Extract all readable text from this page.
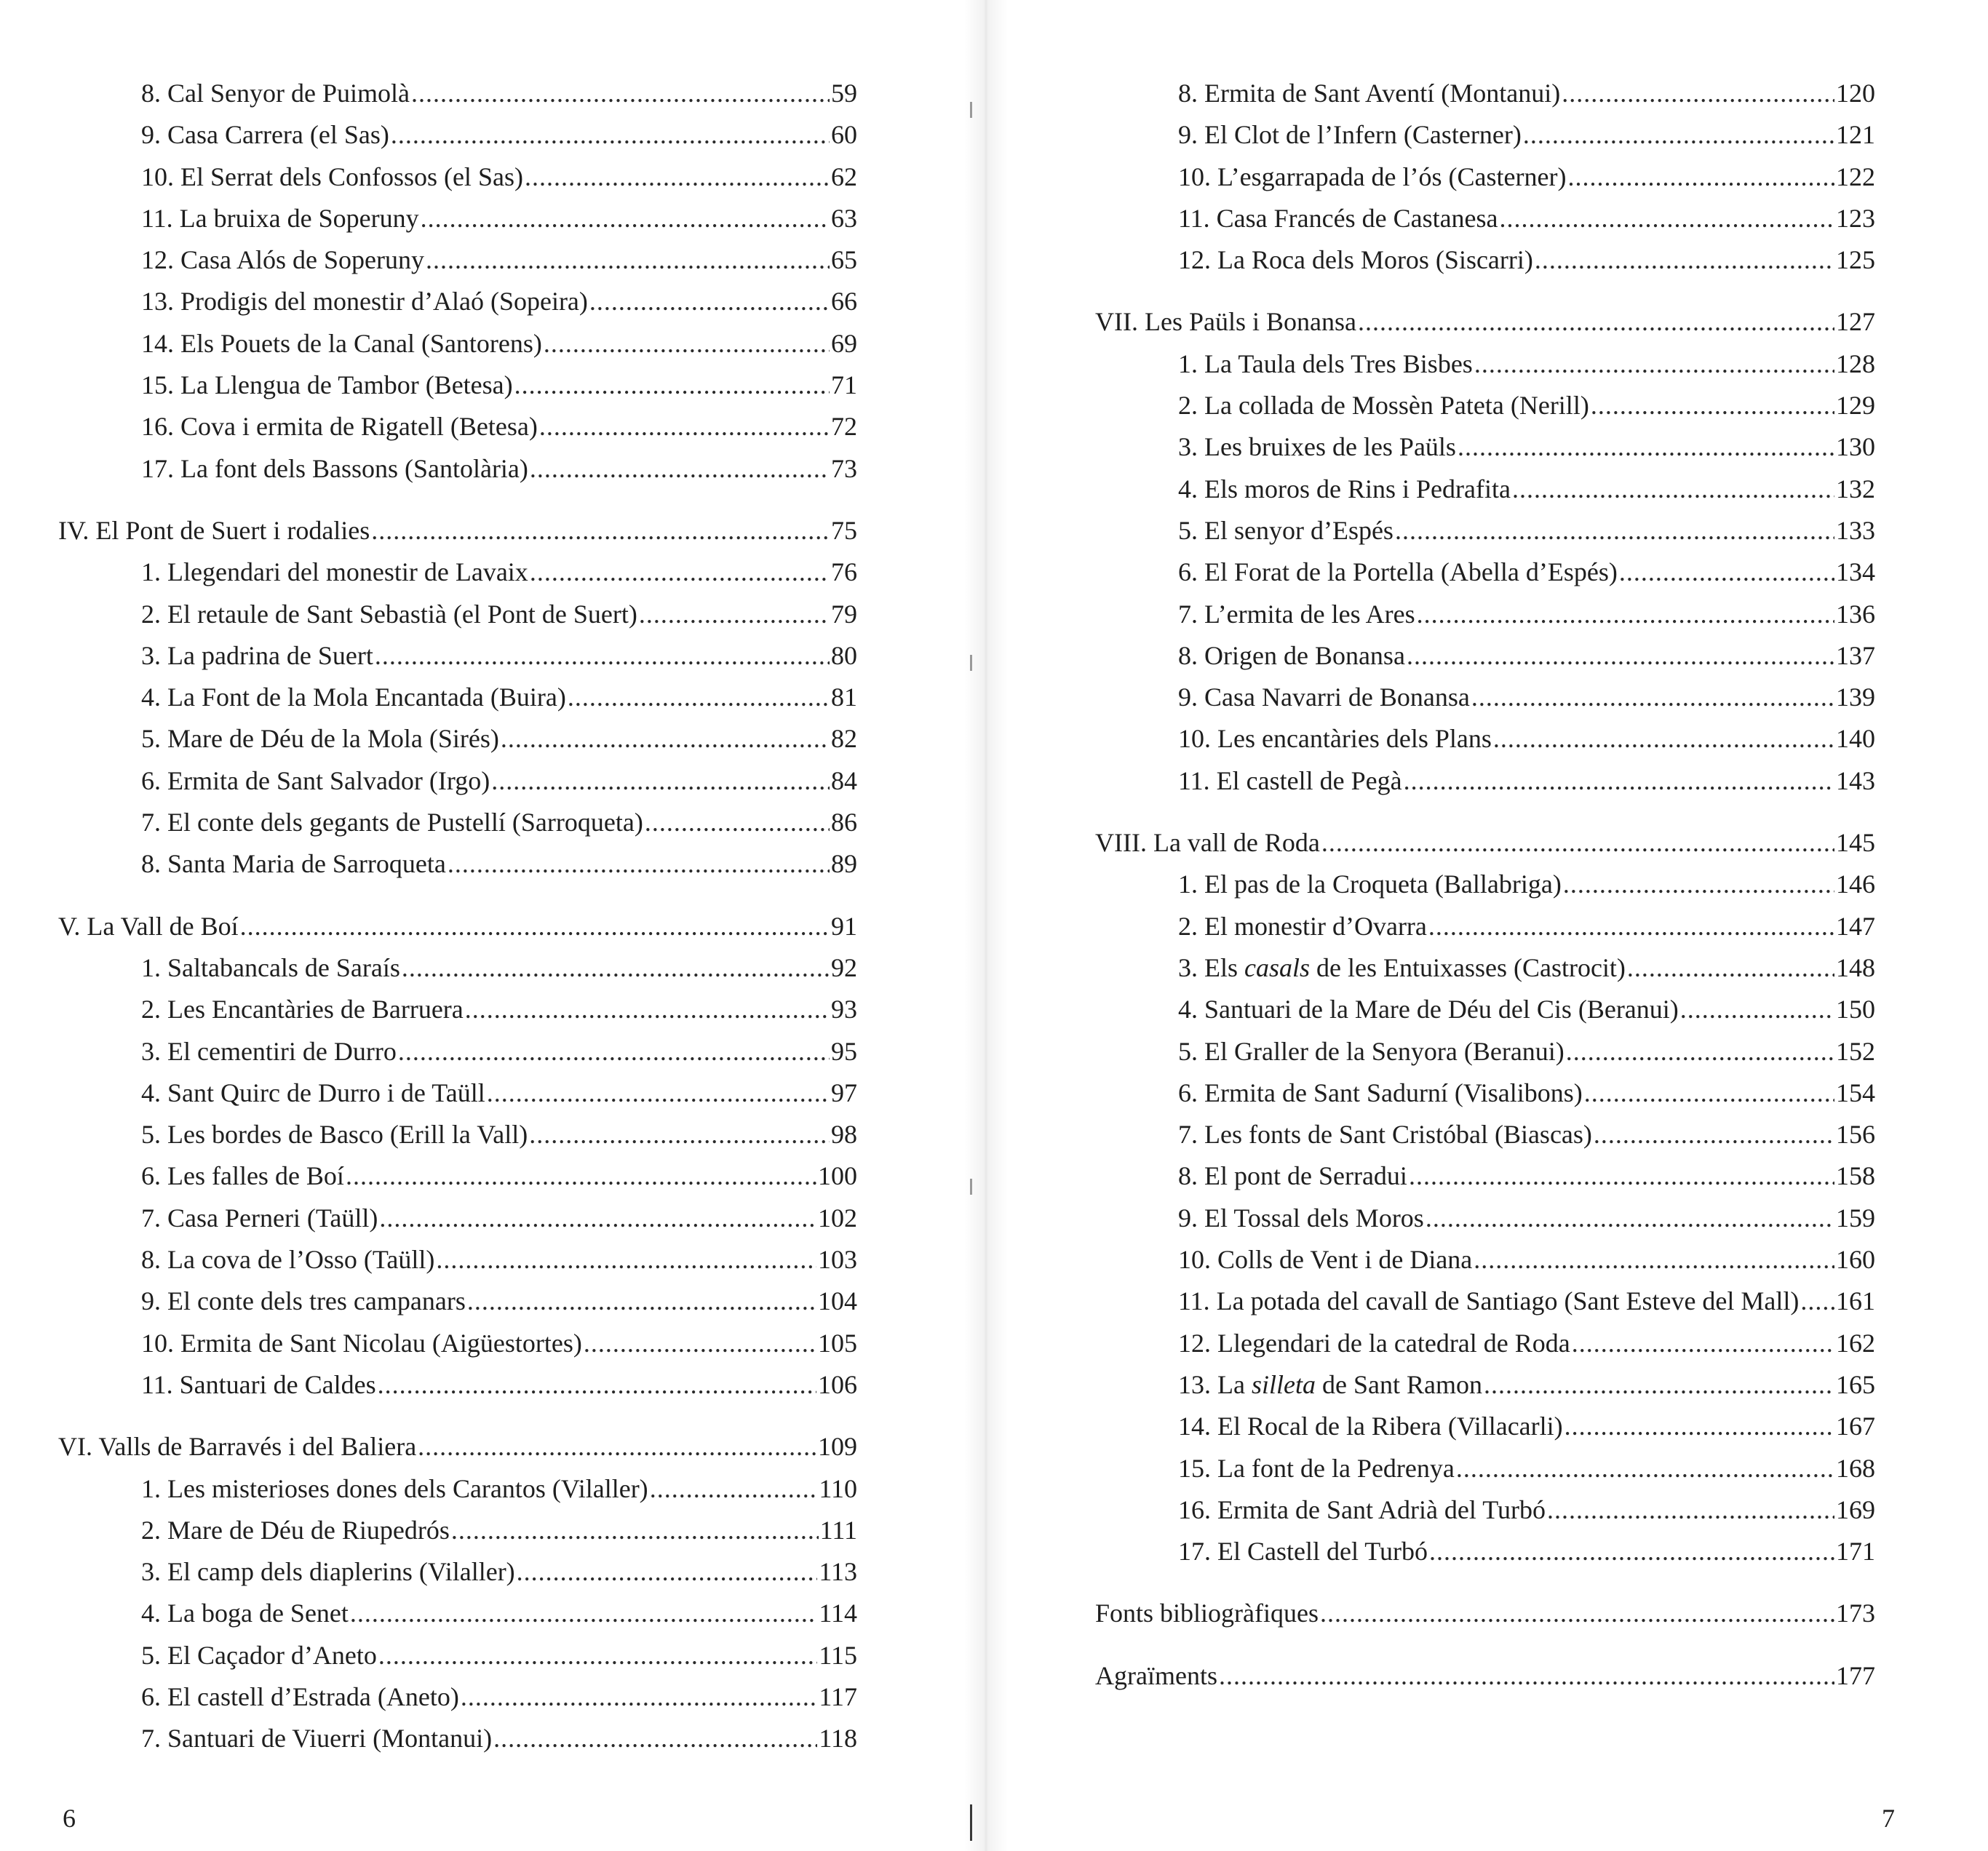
8. Cal Senyor de Puimolà .....	59
9. Casa Carrera (el Sas) .....	60
10. El Serrat dels Confossos (el Sas) .....	62
11. La bruixa de Soperuny .....	63
12. Casa Alós de Soperuny .....	65
13. Prodigis del monestir d’Alaó (Sopeira) .....	66
14. Els Pouets de la Canal (Santorens) .....	69
15. La Llengua de Tambor (Betesa) .....	71
16. Cova i ermita de Rigatell (Betesa) .....	72
17. La font dels Bassons (Santolària) .....	73
IV. El Pont de Suert i rodalies .....	75
1. Llegendari del monestir de Lavaix .....	76
2. El retaule de Sant Sebastià (el Pont de Suert) .....	79
3. La padrina de Suert .....	80
4. La Font de la Mola Encantada (Buira) .....	81
5. Mare de Déu de la Mola (Sirés) .....	82
6. Ermita de Sant Salvador (Irgo) .....	84
7. El conte dels gegants de Pustellí (Sarroqueta) .....	86
8. Santa Maria de Sarroqueta .....	89
V. La Vall de Boí .....	91
1. Saltabancals de Saraís .....	92
2. Les Encantàries de Barruera .....	93
3. El cementiri de Durro .....	95
4. Sant Quirc de Durro i de Taüll .....	97
5. Les bordes de Basco (Erill la Vall) .....	98
6. Les falles de Boí .....	100
7. Casa Perneri (Taüll) .....	102
8. La cova de l’Osso (Taüll) .....	103
9. El conte dels tres campanars .....	104
10. Ermita de Sant Nicolau (Aigüestortes) .....	105
11. Santuari de Caldes .....	106
VI. Valls de Barravés i del Baliera .....	109
1. Les misterioses dones dels Carantos (Vilaller) .....	110
2. Mare de Déu de Riupedrós .....	111
3. El camp dels diaplerins (Vilaller) .....	113
4. La boga de Senet .....	114
5. El Caçador d’Aneto .....	115
6. El castell d’Estrada (Aneto) .....	117
7. Santuari de Viuerri (Montanui) .....	118
6
8. Ermita de Sant Aventí (Montanui) .....	120
9. El Clot de l’Infern (Casterner) .....	121
10. L’esgarrapada de l’ós (Casterner) .....	122
11. Casa Francés de Castanesa .....	123
12. La Roca dels Moros (Siscarri) .....	125
VII. Les Paüls i Bonansa .....	127
1. La Taula dels Tres Bisbes .....	128
2. La collada de Mossèn Pateta (Nerill) .....	129
3. Les bruixes de les Paüls .....	130
4. Els moros de Rins i Pedrafita .....	132
5. El senyor d’Espés .....	133
6. El Forat de la Portella (Abella d’Espés) .....	134
7. L’ermita de les Ares .....	136
8. Origen de Bonansa .....	137
9. Casa Navarri de Bonansa .....	139
10. Les encantàries dels Plans .....	140
11. El castell de Pegà .....	143
VIII. La vall de Roda .....	145
1. El pas de la Croqueta (Ballabriga) .....	146
2. El monestir d’Ovarra .....	147
3. Els casals de les Entuixasses (Castrocit) .....	148
4. Santuari de la Mare de Déu del Cis (Beranui) .....	150
5. El Graller de la Senyora (Beranui) .....	152
6. Ermita de Sant Sadurní (Visalibons) .....	154
7. Les fonts de Sant Cristóbal (Biascas) .....	156
8. El pont de Serradui .....	158
9. El Tossal dels Moros .....	159
10. Colls de Vent i de Diana .....	160
11. La potada del cavall de Santiago (Sant Esteve del Mall) ..... 161
12. Llegendari de la catedral de Roda .....	162
13. La silleta de Sant Ramon .....	165
14. El Rocal de la Ribera (Villacarli) .....	167
15. La font de la Pedrenya .....	168
16. Ermita de Sant Adrià del Turbó .....	169
17. El Castell del Turbó .....	171
Fonts bibliogràfiques .....	173
Agraïments .....	177
7
